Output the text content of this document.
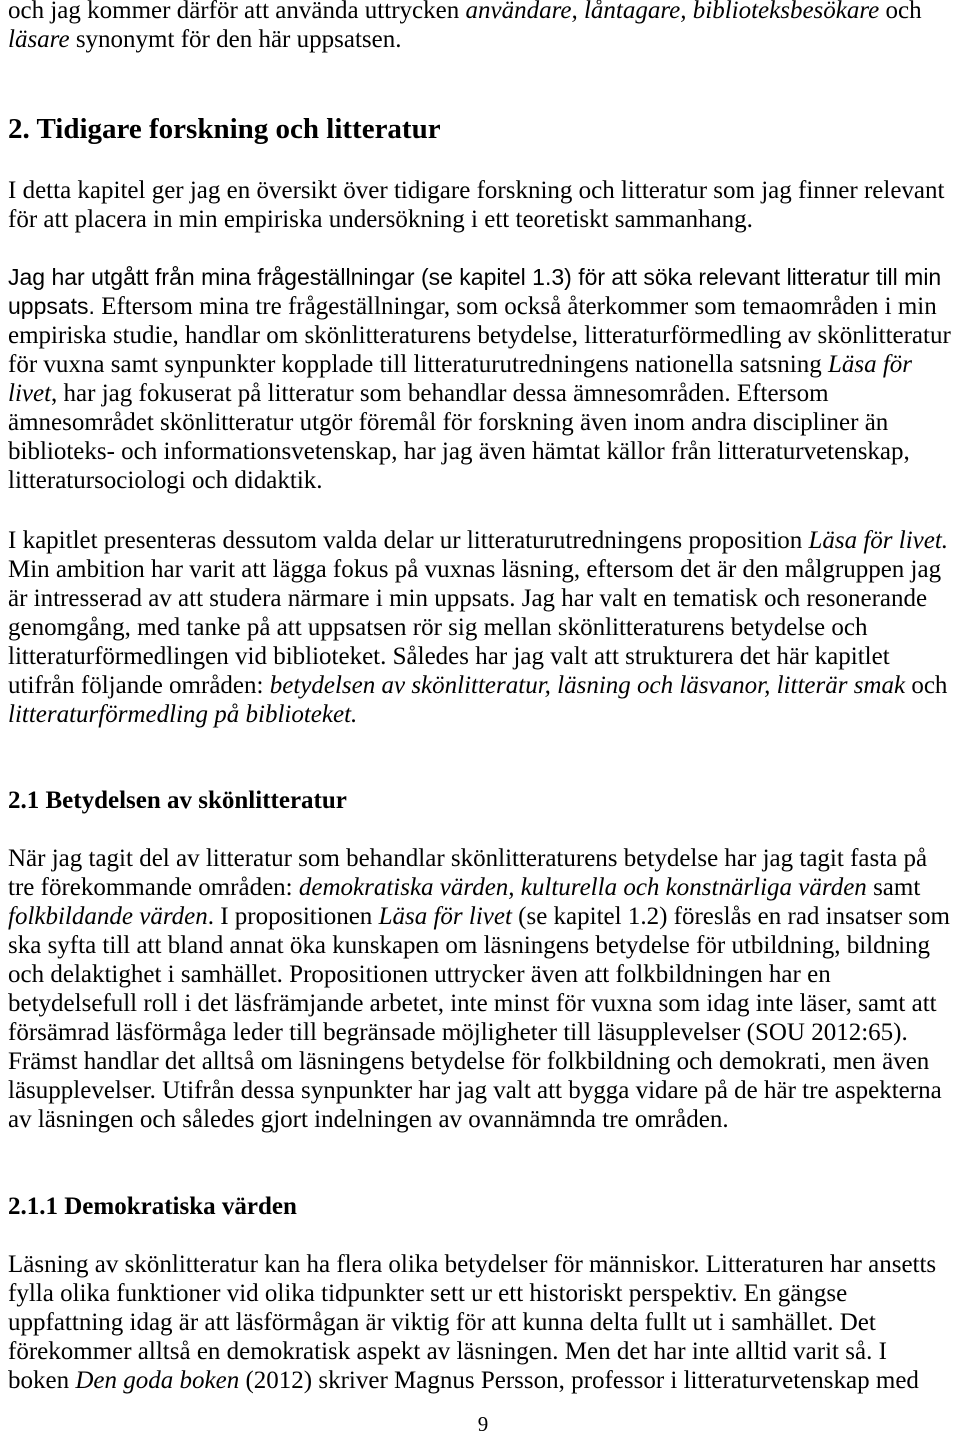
och jag kommer därför att använda uttrycken användare, låntagare, biblioteksbesökare och
läsare synonymt för den här uppsatsen.
2. Tidigare forskning och litteratur
I detta kapitel ger jag en översikt över tidigare forskning och litteratur som jag finner relevant
för att placera in min empiriska undersökning i ett teoretiskt sammanhang.
Jag har utgått från mina frågeställningar (se kapitel 1.3) för att söka relevant litteratur till min
uppsats. Eftersom mina tre frågeställningar, som också återkommer som temaområden i min
empiriska studie, handlar om skönlitteraturens betydelse, litteraturförmedling av skönlitteratur
för vuxna samt synpunkter kopplade till litteraturutredningens nationella satsning Läsa för
livet, har jag fokuserat på litteratur som behandlar dessa ämnesområden. Eftersom
ämnesområdet skönlitteratur utgör föremål för forskning även inom andra discipliner än
biblioteks- och informationsvetenskap, har jag även hämtat källor från litteraturvetenskap,
litteratursociologi och didaktik.
I kapitlet presenteras dessutom valda delar ur litteraturutredningens proposition Läsa för livet.
Min ambition har varit att lägga fokus på vuxnas läsning, eftersom det är den målgruppen jag
är intresserad av att studera närmare i min uppsats. Jag har valt en tematisk och resonerande
genomgång, med tanke på att uppsatsen rör sig mellan skönlitteraturens betydelse och
litteraturförmedlingen vid biblioteket. Således har jag valt att strukturera det här kapitlet
utifrån följande områden: betydelsen av skönlitteratur, läsning och läsvanor, litterär smak och
litteraturförmedling på biblioteket.
2.1 Betydelsen av skönlitteratur
När jag tagit del av litteratur som behandlar skönlitteraturens betydelse har jag tagit fasta på
tre förekommande områden: demokratiska värden, kulturella och konstnärliga värden samt
folkbildande värden. I propositionen Läsa för livet (se kapitel 1.2) föreslås en rad insatser som
ska syfta till att bland annat öka kunskapen om läsningens betydelse för utbildning, bildning
och delaktighet i samhället. Propositionen uttrycker även att folkbildningen har en
betydelsefull roll i det läsfrämjande arbetet, inte minst för vuxna som idag inte läser, samt att
försämrad läsförmåga leder till begränsade möjligheter till läsupplevelser (SOU 2012:65).
Främst handlar det alltså om läsningens betydelse för folkbildning och demokrati, men även
läsupplevelser. Utifrån dessa synpunkter har jag valt att bygga vidare på de här tre aspekterna
av läsningen och således gjort indelningen av ovannämnda tre områden.
2.1.1 Demokratiska värden
Läsning av skönlitteratur kan ha flera olika betydelser för människor. Litteraturen har ansetts
fylla olika funktioner vid olika tidpunkter sett ur ett historiskt perspektiv. En gängse
uppfattning idag är att läsförmågan är viktig för att kunna delta fullt ut i samhället. Det
förekommer alltså en demokratisk aspekt av läsningen. Men det har inte alltid varit så. I
boken Den goda boken (2012) skriver Magnus Persson, professor i litteraturvetenskap med
9
